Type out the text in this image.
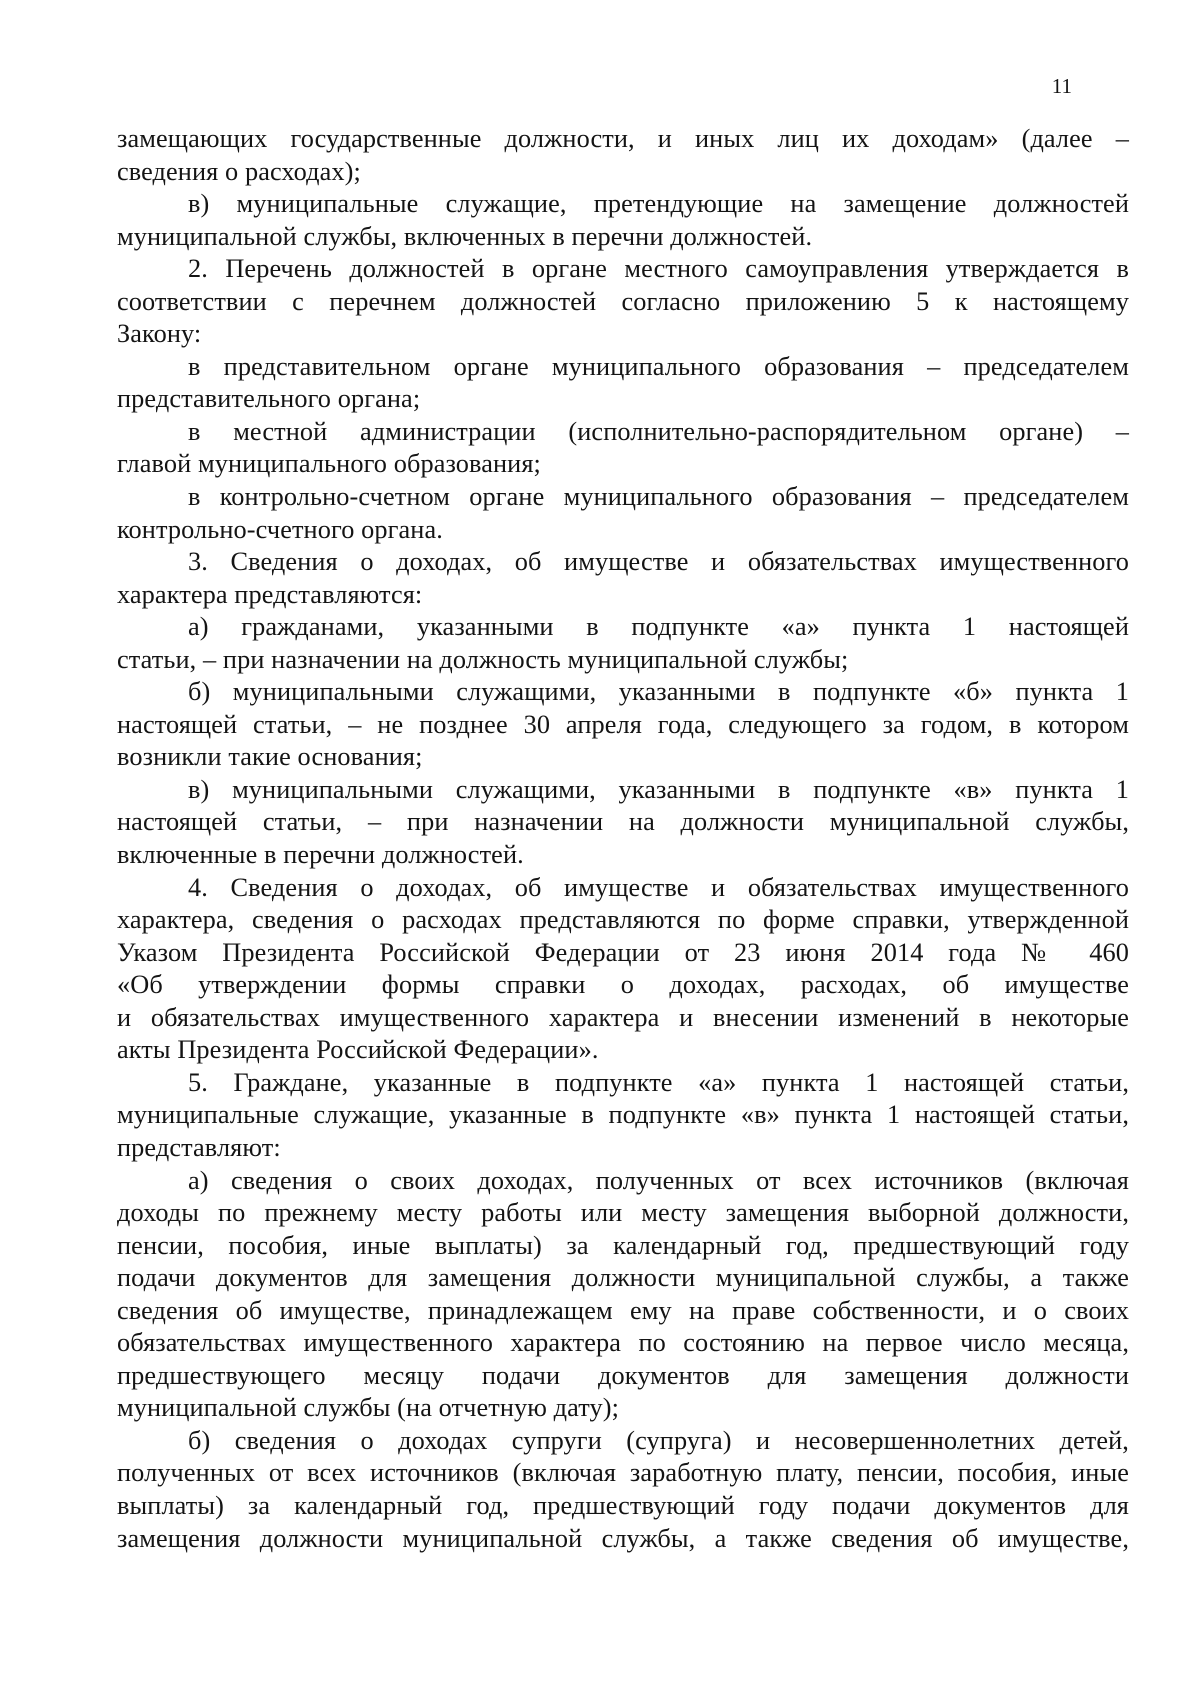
11
замещающих государственные должности, и иных лиц их доходам» (далее –
сведения о расходах);
в) муниципальные служащие, претендующие на замещение должностей
муниципальной службы, включенных в перечни должностей.
2. Перечень должностей в органе местного самоуправления утверждается в
соответствии с перечнем должностей согласно приложению 5 к настоящему
Закону:
в представительном органе муниципального образования – председателем
представительного органа;
в местной администрации (исполнительно-распорядительном органе) –
главой муниципального образования;
в контрольно-счетном органе муниципального образования – председателем
контрольно-счетного органа.
3. Сведения о доходах, об имуществе и обязательствах имущественного
характера представляются:
а) гражданами, указанными в подпункте «а» пункта 1 настоящей
статьи, – при назначении на должность муниципальной службы;
б) муниципальными служащими, указанными в подпункте «б» пункта 1
настоящей статьи, – не позднее 30 апреля года, следующего за годом, в котором
возникли такие основания;
в) муниципальными служащими, указанными в подпункте «в» пункта 1
настоящей статьи, – при назначении на должности муниципальной службы,
включенные в перечни должностей.
4. Сведения о доходах, об имуществе и обязательствах имущественного
характера, сведения о расходах представляются по форме справки, утвержденной
Указом Президента Российской Федерации от 23 июня 2014 года № 460
«Об утверждении формы справки о доходах, расходах, об имуществе
и обязательствах имущественного характера и внесении изменений в некоторые
акты Президента Российской Федерации».
5. Граждане, указанные в подпункте «а» пункта 1 настоящей статьи,
муниципальные служащие, указанные в подпункте «в» пункта 1 настоящей статьи,
представляют:
а) сведения о своих доходах, полученных от всех источников (включая
доходы по прежнему месту работы или месту замещения выборной должности,
пенсии, пособия, иные выплаты) за календарный год, предшествующий году
подачи документов для замещения должности муниципальной службы, а также
сведения об имуществе, принадлежащем ему на праве собственности, и о своих
обязательствах имущественного характера по состоянию на первое число месяца,
предшествующего месяцу подачи документов для замещения должности
муниципальной службы (на отчетную дату);
б) сведения о доходах супруги (супруга) и несовершеннолетних детей,
полученных от всех источников (включая заработную плату, пенсии, пособия, иные
выплаты) за календарный год, предшествующий году подачи документов для
замещения должности муниципальной службы, а также сведения об имуществе,
